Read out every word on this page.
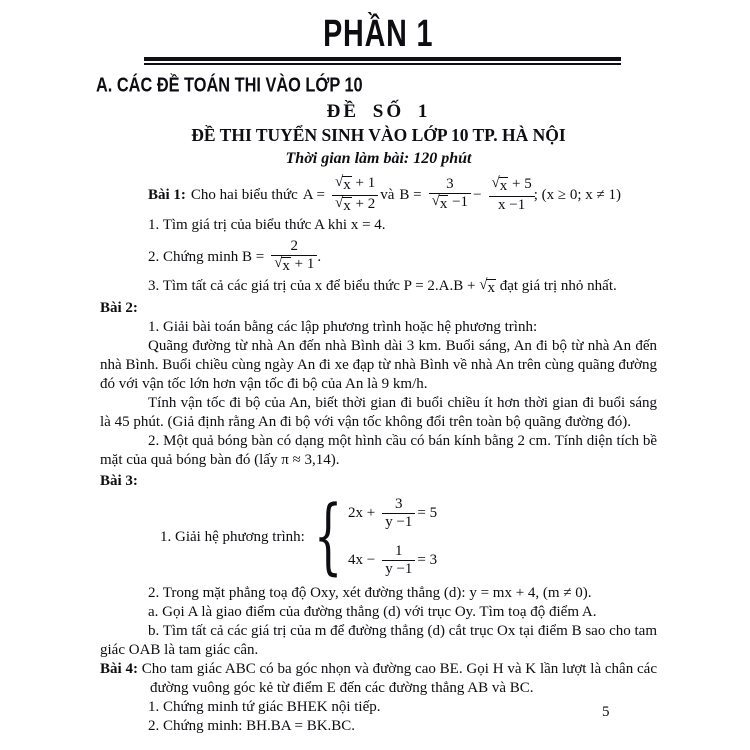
PHẦN 1
A. CÁC ĐỀ TOÁN THI VÀO LỚP 10
ĐỀ SỐ 1
ĐỀ THI TUYỂN SINH VÀO LỚP 10 TP. HÀ NỘI
Thời gian làm bài: 120 phút
Bài 1: Cho hai biểu thức $A = \frac{√ x + 1}{√ x + 2}$ và $B = \frac{3}{√ x -1} - \frac{√ x + 5}{x -1}$ ; (x ≥ 0; x ≠ 1)
1. Tìm giá trị của biểu thức A khi x = 4.
2. Chứng minh $B = \frac{2}{√ x + 1}$ .
3. Tìm tất cả các giá trị của x để biểu thức P = 2.A.B + √ x đạt giá trị nhỏ nhất.
Bài 2:
1. Giải bài toán bằng các lập phương trình hoặc hệ phương trình:

Quãng đường từ nhà An đến nhà Bình dài 3 km. Buổi sáng, An đi bộ từ nhà An đến nhà Bình. Buổi chiều cùng ngày An đi xe đạp từ nhà Bình về nhà An trên cùng quãng đường đó với vận tốc lớn hơn vận tốc đi bộ của An là 9 km/h.

Tính vận tốc đi bộ của An, biết thời gian đi buổi chiều ít hơn thời gian đi buổi sáng là 45 phút. (Giả định rằng An đi bộ với vận tốc không đổi trên toàn bộ quãng đường đó).

2. Một quả bóng bàn có dạng một hình cầu có bán kính bằng 2 cm. Tính diện tích bề mặt của quả bóng bàn đó (lấy π ≈ 3,14).

Bài 3:
1. Giải hệ phương trình: { $2x + \frac{3}{y -1} = 5$
$4x - \frac{1}{y -1} = 3$
2. Trong mặt phẳng toạ độ Oxy, xét đường thẳng (d): y = mx + 4, (m ≠ 0).
a. Gọi A là giao điểm của đường thẳng (d) với trục Oy. Tìm toạ độ điểm A.

b. Tìm tất cả các giá trị của m để đường thẳng (d) cắt trục Ox tại điểm B sao cho tam giác OAB là tam giác cân.

Bài 4: Cho tam giác ABC có ba góc nhọn và đường cao BE. Gọi H và K lần lượt là chân các đường vuông góc kẻ từ điểm E đến các đường thẳng AB và BC.

1. Chứng minh tứ giác BHEK nội tiếp.
2. Chứng minh: BH.BA = BK.BC.
5
